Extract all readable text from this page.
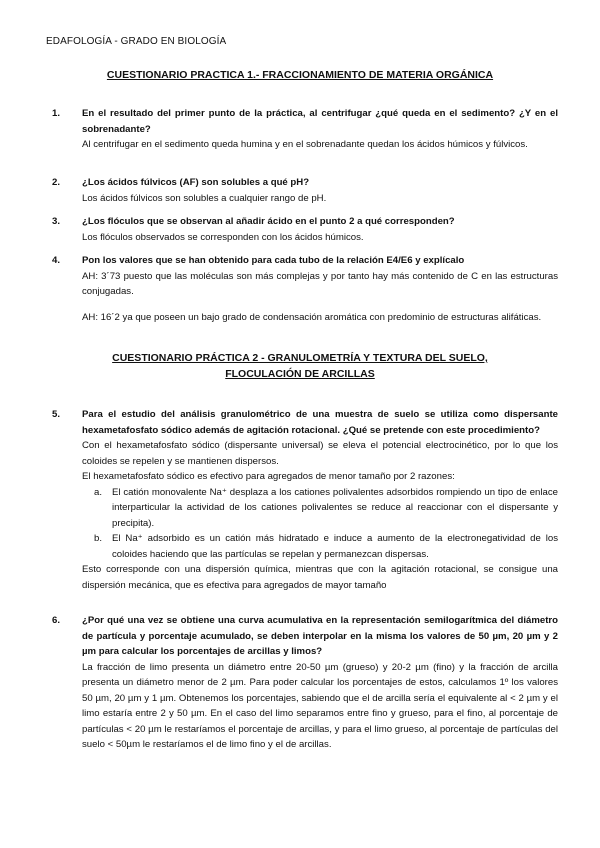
EDAFOLOGÍA - GRADO EN BIOLOGÍA
CUESTIONARIO PRACTICA 1.- FRACCIONAMIENTO DE MATERIA ORGÁNICA
1. En el resultado del primer punto de la práctica, al centrifugar ¿qué queda en el sedimento? ¿Y en el sobrenadante?
Al centrifugar en el sedimento queda humina y en el sobrenadante quedan los ácidos húmicos y fúlvicos.
2. ¿Los ácidos fúlvicos (AF) son solubles a qué pH?
Los ácidos fúlvicos son solubles a cualquier rango de pH.
3. ¿Los flóculos que se observan al añadir ácido en el punto 2 a qué corresponden?
Los flóculos observados se corresponden con los ácidos húmicos.
4. Pon los valores que se han obtenido para cada tubo de la relación E4/E6 y explícalo
AH: 3´73 puesto que las moléculas son más complejas y por tanto hay más contenido de C en las estructuras conjugadas.
AH: 16´2 ya que poseen un bajo grado de condensación aromática con predominio de estructuras alifáticas.
CUESTIONARIO PRÁCTICA 2 - GRANULOMETRÍA Y TEXTURA DEL SUELO,
FLOCULACIÓN DE ARCILLAS
5. Para el estudio del análisis granulométrico de una muestra de suelo se utiliza como dispersante hexametafosfato sódico además de agitación rotacional. ¿Qué se pretende con este procedimiento?
Con el hexametafosfato sódico (dispersante universal) se eleva el potencial electrocinético, por lo que los coloides se repelen y se mantienen dispersos.
El hexametafosfato sódico es efectivo para agregados de menor tamaño por 2 razones:
a. El catión monovalente Na⁺ desplaza a los cationes polivalentes adsorbidos rompiendo un tipo de enlace interparticular la actividad de los cationes polivalentes se reduce al reaccionar con el dispersante y precipita).
b. El Na⁺ adsorbido es un catión más hidratado e induce a aumento de la electronegatividad de los coloides haciendo que las partículas se repelan y permanezcan dispersas.
Esto corresponde con una dispersión química, mientras que con la agitación rotacional, se consigue una dispersión mecánica, que es efectiva para agregados de mayor tamaño
6. ¿Por qué una vez se obtiene una curva acumulativa en la representación semilogarítmica del diámetro de partícula y porcentaje acumulado, se deben interpolar en la misma los valores de 50 µm, 20 µm y 2 µm para calcular los porcentajes de arcillas y limos?
La fracción de limo presenta un diámetro entre 20-50 µm (grueso) y 20-2 µm (fino) y la fracción de arcilla presenta un diámetro menor de 2 µm. Para poder calcular los porcentajes de estos, calculamos 1º los valores 50 µm, 20 µm y 1 µm. Obtenemos los porcentajes, sabiendo que el de arcilla sería el equivalente al < 2 µm y el limo estaría entre 2 y 50 µm. En el caso del limo separamos entre fino y grueso, para el fino, al porcentaje de partículas < 20 µm le restaríamos el porcentaje de arcillas, y para el limo grueso, al porcentaje de partículas del suelo < 50µm le restaríamos el de limo fino y el de arcillas.
